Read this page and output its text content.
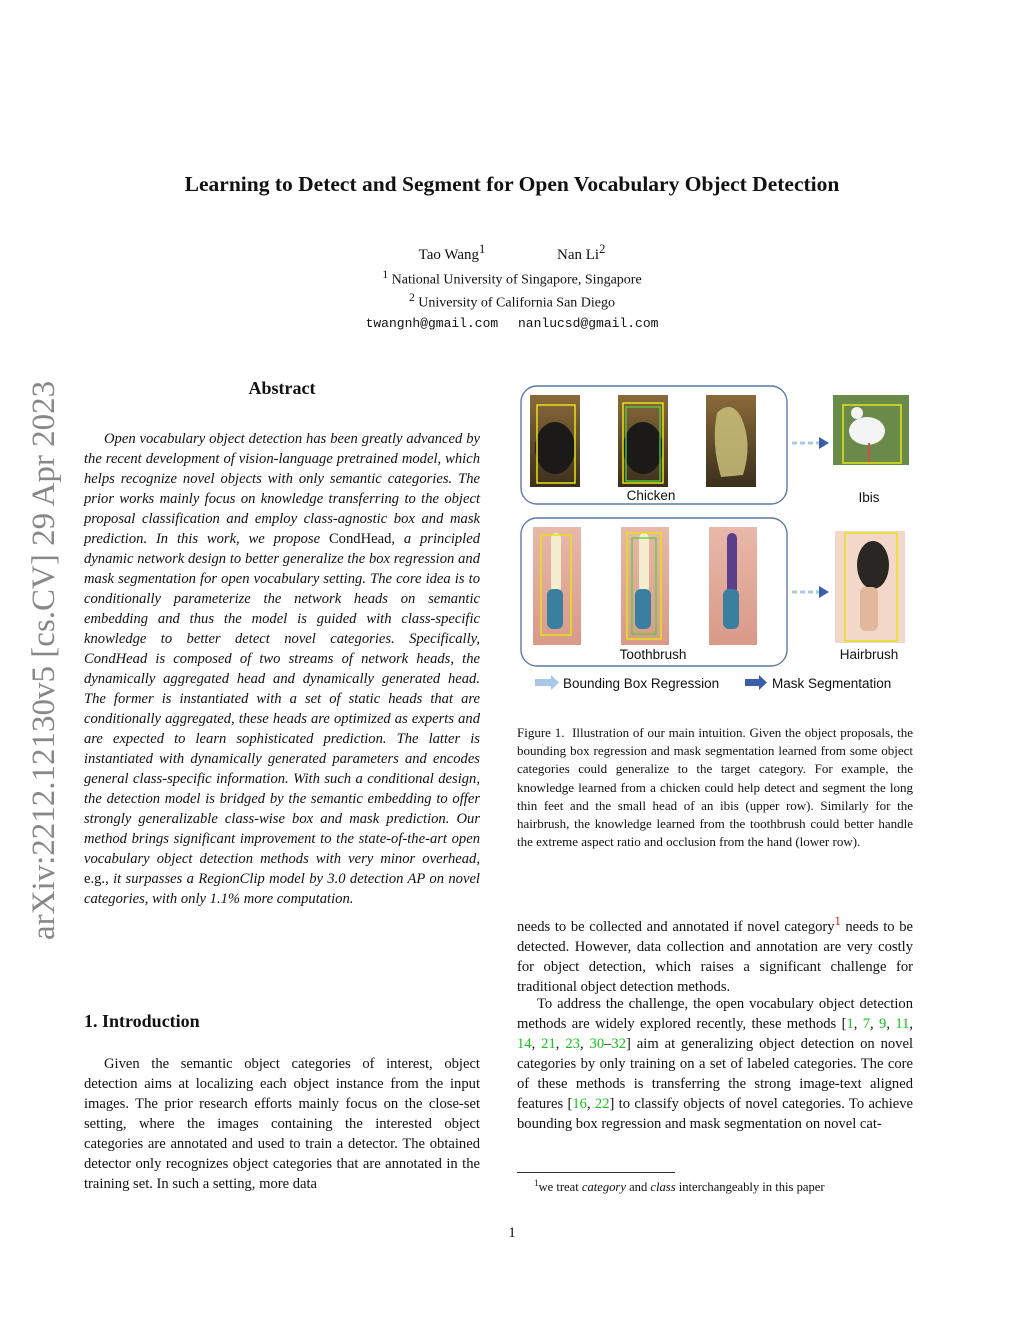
arXiv:2212.12130v5 [cs.CV] 29 Apr 2023
Learning to Detect and Segment for Open Vocabulary Object Detection
Tao Wang$^1$	Nan Li$^2$
$^1$ National University of Singapore, Singapore
$^2$ University of California San Diego
twangnh@gmail.com nanlucsd@gmail.com
Abstract
Open vocabulary object detection has been greatly advanced by the recent development of vision-language pretrained model, which helps recognize novel objects with only semantic categories. The prior works mainly focus on knowledge transferring to the object proposal classification and employ class-agnostic box and mask prediction. In this work, we propose CondHead, a principled dynamic network design to better generalize the box regression and mask segmentation for open vocabulary setting. The core idea is to conditionally parameterize the network heads on semantic embedding and thus the model is guided with class-specific knowledge to better detect novel categories. Specifically, CondHead is composed of two streams of network heads, the dynamically aggregated head and dynamically generated head. The former is instantiated with a set of static heads that are conditionally aggregated, these heads are optimized as experts and are expected to learn sophisticated prediction. The latter is instantiated with dynamically generated parameters and encodes general class-specific information. With such a conditional design, the detection model is bridged by the semantic embedding to offer strongly generalizable class-wise box and mask prediction. Our method brings significant improvement to the state-of-the-art open vocabulary object detection methods with very minor overhead, e.g., it surpasses a RegionClip model by 3.0 detection AP on novel categories, with only 1.1% more computation.
1. Introduction
Given the semantic object categories of interest, object detection aims at localizing each object instance from the input images. The prior research efforts mainly focus on the close-set setting, where the images containing the interested object categories are annotated and used to train a detector. The obtained detector only recognizes object categories that are annotated in the training set. In such a setting, more data
Chicken	Ibis
Toothbrush	Hairbrush
Bounding Box Regression	Mask Segmentation
Figure 1. Illustration of our main intuition. Given the object proposals, the bounding box regression and mask segmentation learned from some object categories could generalize to the target category. For example, the knowledge learned from a chicken could help detect and segment the long thin feet and the small head of an ibis (upper row). Similarly for the hairbrush, the knowledge learned from the toothbrush could better handle the extreme aspect ratio and occlusion from the hand (lower row).
needs to be collected and annotated if novel category$^1$ needs to be detected. However, data collection and annotation are very costly for object detection, which raises a significant challenge for traditional object detection methods.
To address the challenge, the open vocabulary object detection methods are widely explored recently, these methods [1, 7, 9, 11, 14, 21, 23, 30–32] aim at generalizing object detection on novel categories by only training on a set of labeled categories. The core of these methods is transferring the strong image-text aligned features [16, 22] to classify objects of novel categories. To achieve bounding box regression and mask segmentation on novel cat-
$^1$we treat category and class interchangeably in this paper
1
